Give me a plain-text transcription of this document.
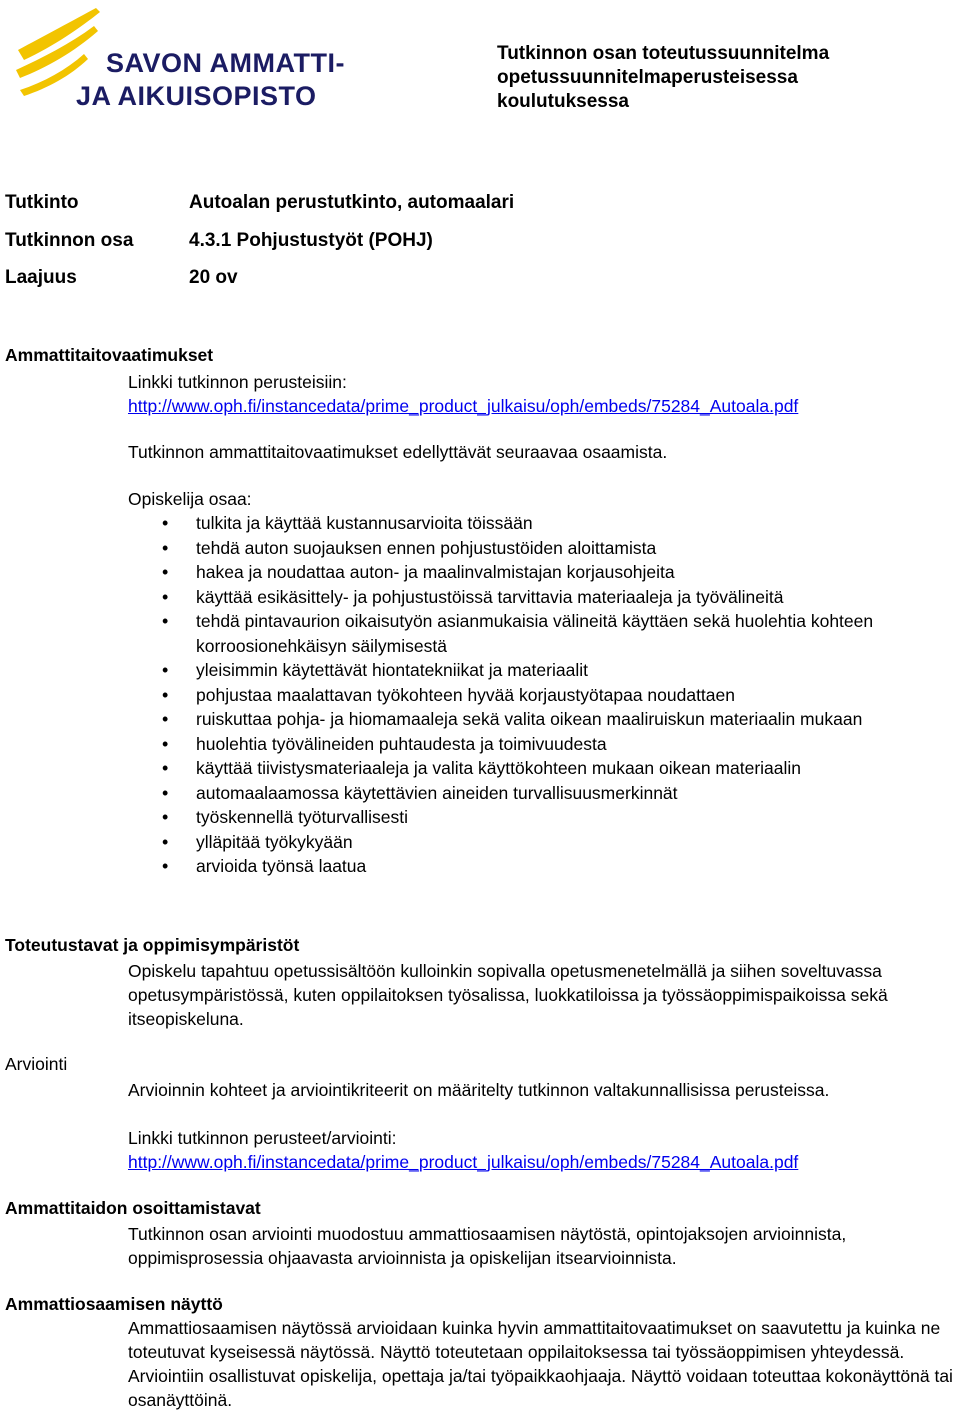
SAVON AMMATTI-
JA AIKUISOPISTO
Tutkinnon osan toteutussuunnitelma
opetussuunnitelmaperusteisessa
koulutuksessa
Tutkinto	Autoalan perustutkinto, automaalari
Tutkinnon osa	4.3.1 Pohjustustyöt (POHJ)
Laajuus	20 ov
Ammattitaitovaatimukset
Linkki tutkinnon perusteisiin:
http://www.oph.fi/instancedata/prime_product_julkaisu/oph/embeds/75284_Autoala.pdf
Tutkinnon ammattitaitovaatimukset edellyttävät seuraavaa osaamista.
Opiskelija osaa:
• tulkita ja käyttää kustannusarvioita töissään
• tehdä auton suojauksen ennen pohjustustöiden aloittamista
• hakea ja noudattaa auton- ja maalinvalmistajan korjausohjeita
• käyttää esikäsittely- ja pohjustustöissä tarvittavia materiaaleja ja työvälineitä
• tehdä pintavaurion oikaisutyön asianmukaisia välineitä käyttäen sekä huolehtia kohteen korroosionehkäisyn säilymisestä
• yleisimmin käytettävät hiontatekniikat ja materiaalit
• pohjustaa maalattavan työkohteen hyvää korjaustyötapaa noudattaen
• ruiskuttaa pohja- ja hiomamaaleja sekä valita oikean maaliruiskun materiaalin mukaan
• huolehtia työvälineiden puhtaudesta ja toimivuudesta
• käyttää tiivistysmateriaaleja ja valita käyttökohteen mukaan oikean materiaalin
• automaalaamossa käytettävien aineiden turvallisuusmerkinnät
• työskennellä työturvallisesti
• ylläpitää työkykyään
• arvioida työnsä laatua
Toteutustavat ja oppimisympäristöt
Opiskelu tapahtuu opetussisältöön kulloinkin sopivalla opetusmenetelmällä ja siihen soveltuvassa opetusympäristössä, kuten oppilaitoksen työsalissa, luokkatiloissa ja työssäoppimispaikoissa sekä itseopiskeluna.
Arviointi
Arvioinnin kohteet ja arviointikriteerit on määritelty tutkinnon valtakunnallisissa perusteissa.
Linkki tutkinnon perusteet/arviointi:
http://www.oph.fi/instancedata/prime_product_julkaisu/oph/embeds/75284_Autoala.pdf
Ammattitaidon osoittamistavat
Tutkinnon osan arviointi muodostuu ammattiosaamisen näytöstä, opintojaksojen arvioinnista, oppimisprosessia ohjaavasta arvioinnista ja opiskelijan itsearvioinnista.
Ammattiosaamisen näyttö
Ammattiosaamisen näytössä arvioidaan kuinka hyvin ammattitaitovaatimukset on saavutettu ja kuinka ne toteutuvat kyseisessä näytössä. Näyttö toteutetaan oppilaitoksessa tai työssäoppimisen yhteydessä. Arviointiin osallistuvat opiskelija, opettaja ja/tai työpaikkaohjaaja. Näyttö voidaan toteuttaa kokonäyttönä tai osanäyttöinä.
